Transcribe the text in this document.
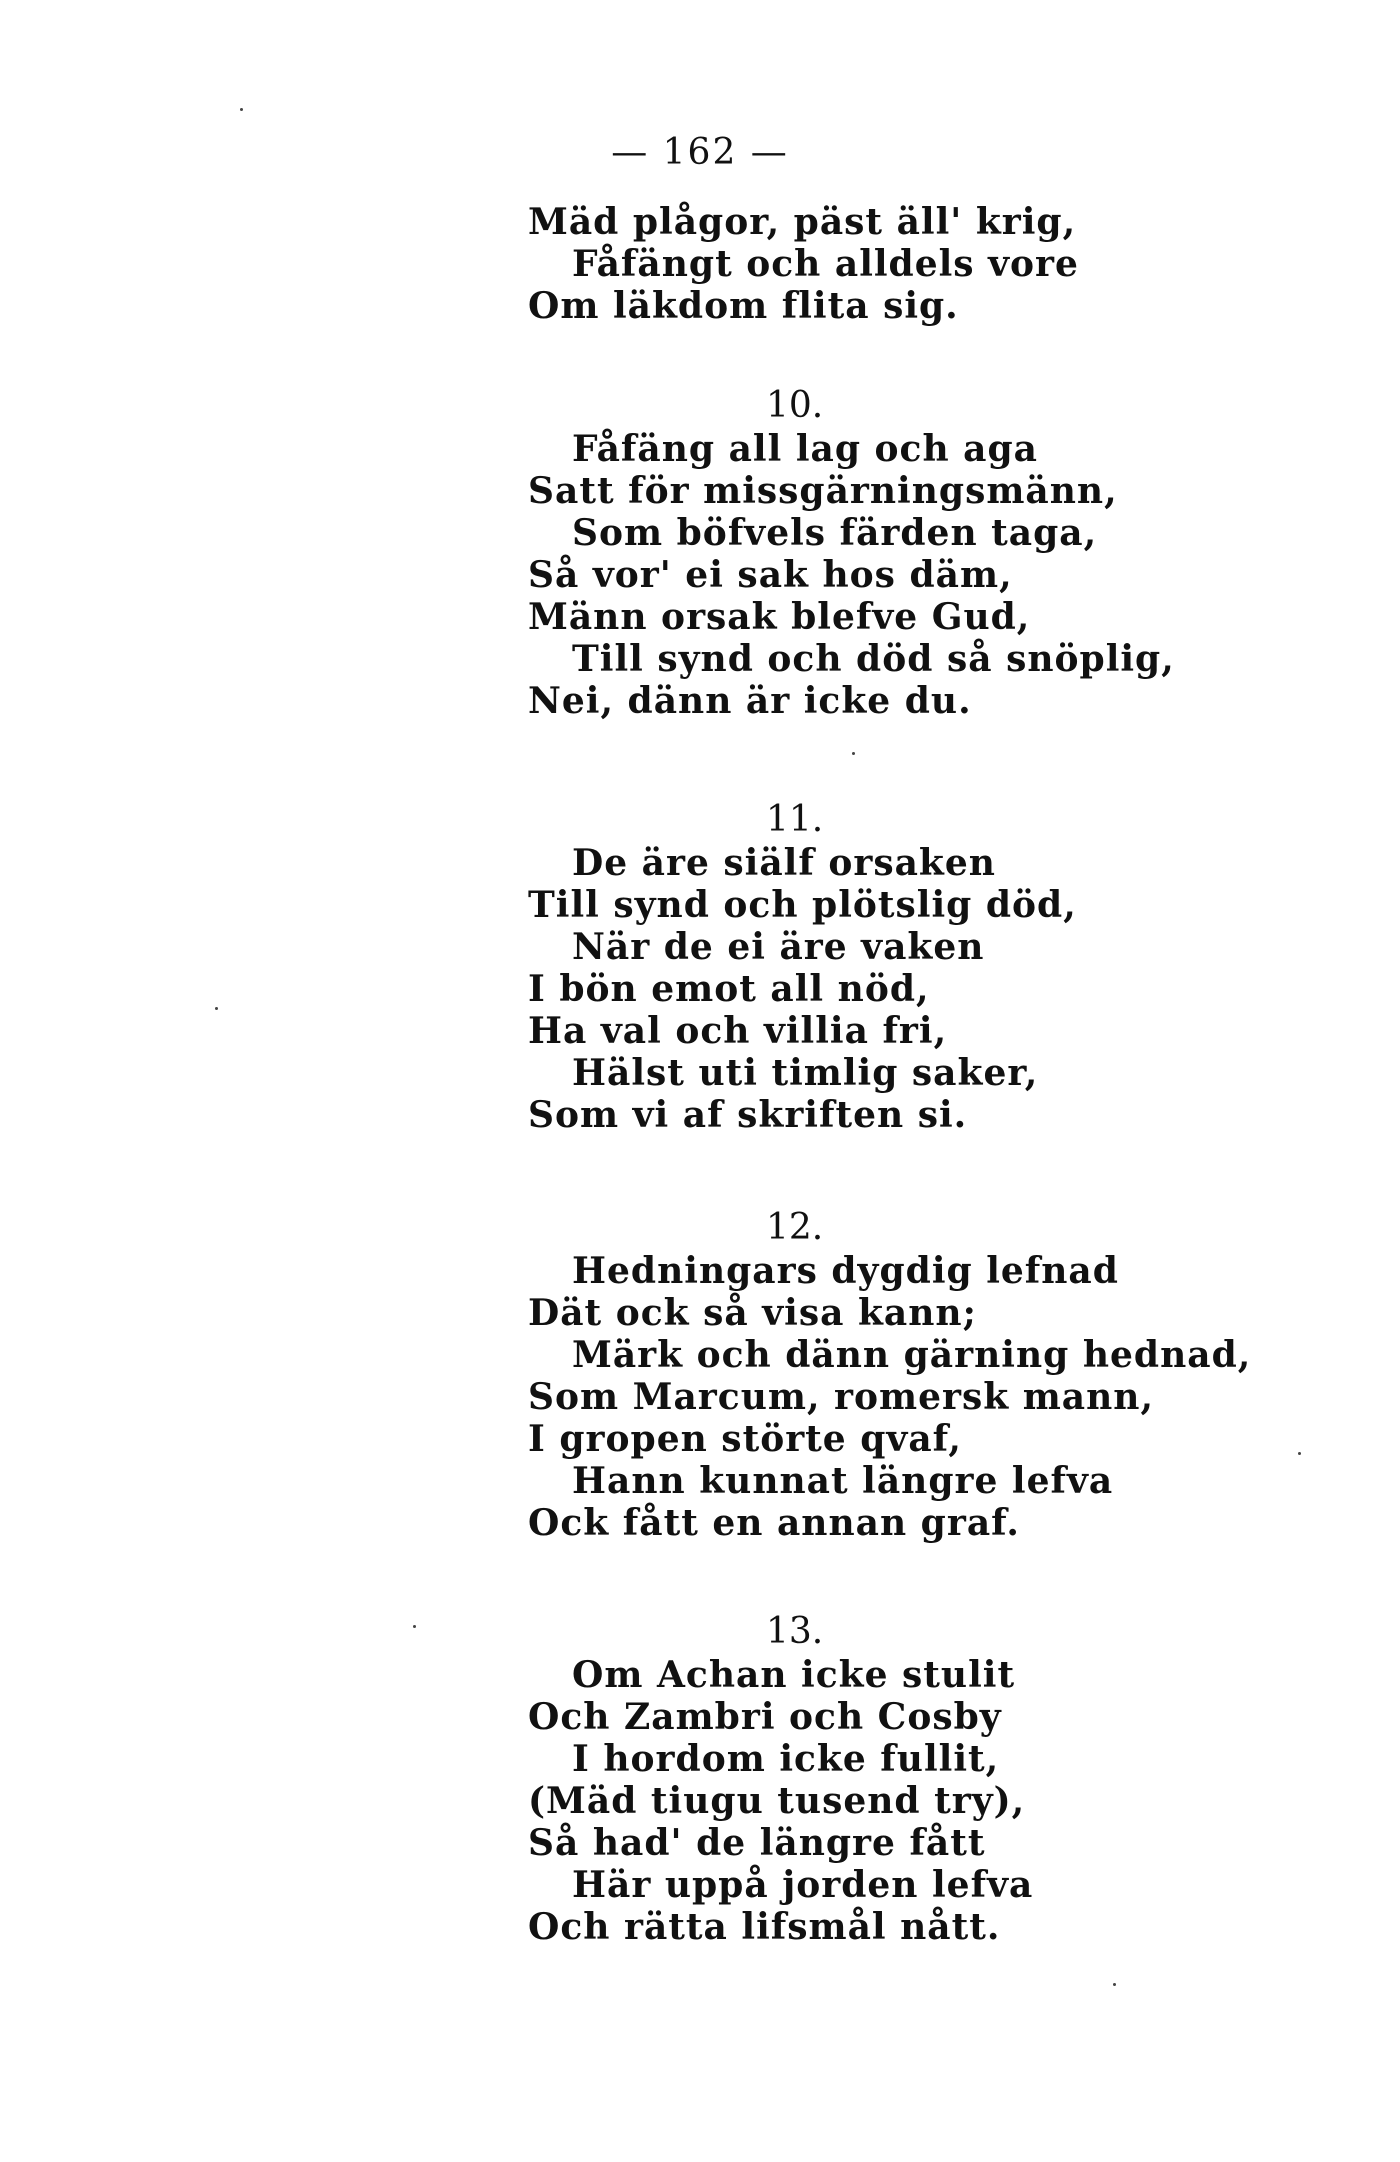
— 162 —
Mäd plågor, päst äll' krig,
Fåfängt och alldels vore
Om läkdom flita sig.
10.
Fåfäng all lag och aga
Satt för missgärningsmänn,
Som böfvels färden taga,
Så vor' ei sak hos däm,
Männ orsak blefve Gud,
Till synd och död så snöplig,
Nei, dänn är icke du.
11.
De äre siälf orsaken
Till synd och plötslig död,
När de ei äre vaken
I bön emot all nöd,
Ha val och villia fri,
Hälst uti timlig saker,
Som vi af skriften si.
12.
Hedningars dygdig lefnad
Dät ock så visa kann;
Märk och dänn gärning hednad,
Som Marcum, romersk mann,
I gropen störte qvaf,
Hann kunnat längre lefva
Ock fått en annan graf.
13.
Om Achan icke stulit
Och Zambri och Cosby
I hordom icke fullit,
(Mäd tiugu tusend try),
Så had' de längre fått
Här uppå jorden lefva
Och rätta lifsmål nått.
